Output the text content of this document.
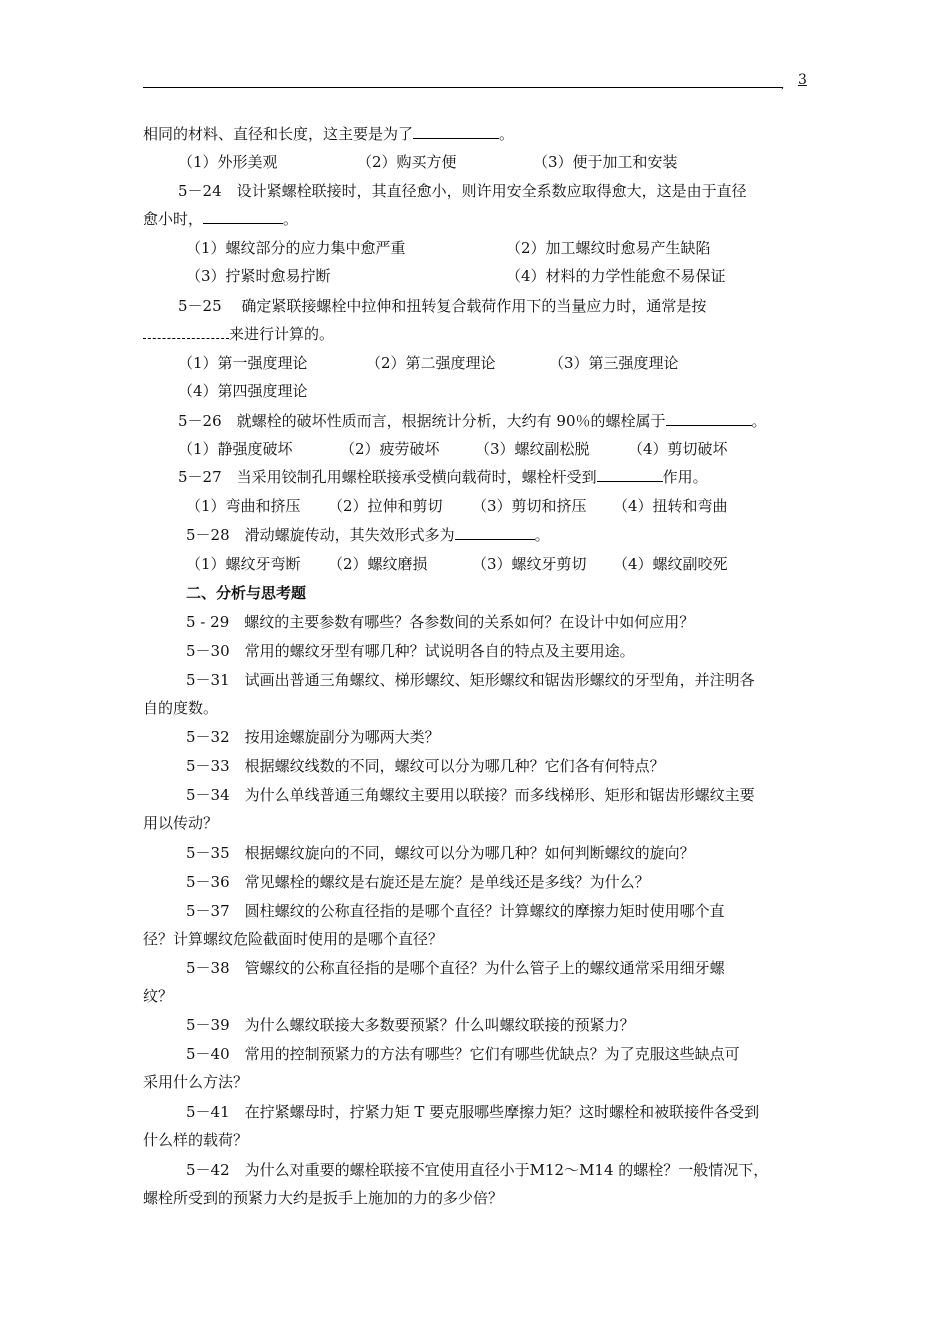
, 3
相同的材料、直径和长度，这主要是为了	。
（1）外形美观	（2）购买方便	（3）便于加工和安装
5－24　设计紧螺栓联接时，其直径愈小，则许用安全系数应取得愈大，这是由于直径
愈小时，	。
（1）螺纹部分的应力集中愈严重	（2）加工螺纹时愈易产生缺陷
（3）拧紧时愈易拧断	（4）材料的力学性能愈不易保证
5－25　 确定紧联接螺栓中拉伸和扭转复合载荷作用下的当量应力时，通常是按
来进行计算的。
（1）第一强度理论	（2）第二强度理论	（3）第三强度理论
（4）第四强度理论
5－26　就螺栓的破坏性质而言，根据统计分析，大约有 90％的螺栓属于	。
（1）静强度破坏	（2）疲劳破坏 （3）螺纹副松脱	（4）剪切破坏
5－27　当采用铰制孔用螺栓联接承受横向载荷时，螺栓杆受到	作用。
（1）弯曲和挤压 （2）拉伸和剪切 （3）剪切和挤压 （4）扭转和弯曲
5－28　滑动螺旋传动，其失效形式多为	。
（1）螺纹牙弯断 （2）螺纹磨损	（3）螺纹牙剪切 （4）螺纹副咬死
二、分析与思考题
5 - 29　螺纹的主要参数有哪些？各参数间的关系如何？在设计中如何应用？
5－30　常用的螺纹牙型有哪几种？试说明各自的特点及主要用途。
5－31　试画出普通三角螺纹、梯形螺纹、矩形螺纹和锯齿形螺纹的牙型角，并注明各
自的度数。
5－32　按用途螺旋副分为哪两大类？
5－33　根据螺纹线数的不同，螺纹可以分为哪几种？它们各有何特点？
5－34　为什么单线普通三角螺纹主要用以联接？而多线梯形、矩形和锯齿形螺纹主要
用以传动？
5－35　根据螺纹旋向的不同，螺纹可以分为哪几种？如何判断螺纹的旋向？
5－36　常见螺栓的螺纹是右旋还是左旋？是单线还是多线？为什么？
5－37　圆柱螺纹的公称直径指的是哪个直径？计算螺纹的摩擦力矩时使用哪个直
径？计算螺纹危险截面时使用的是哪个直径？
5－38　管螺纹的公称直径指的是哪个直径？为什么管子上的螺纹通常采用细牙螺
纹？
5－39　为什么螺纹联接大多数要预紧？什么叫螺纹联接的预紧力？
5－40　常用的控制预紧力的方法有哪些？它们有哪些优缺点？为了克服这些缺点可
采用什么方法？
5－41　在拧紧螺母时，拧紧力矩 T 要克服哪些摩擦力矩？这时螺栓和被联接件各受到
什么样的载荷？
5－42　为什么对重要的螺栓联接不宜使用直径小于M12～M14 的螺栓？一般情况下，
螺栓所受到的预紧力大约是扳手上施加的力的多少倍？
